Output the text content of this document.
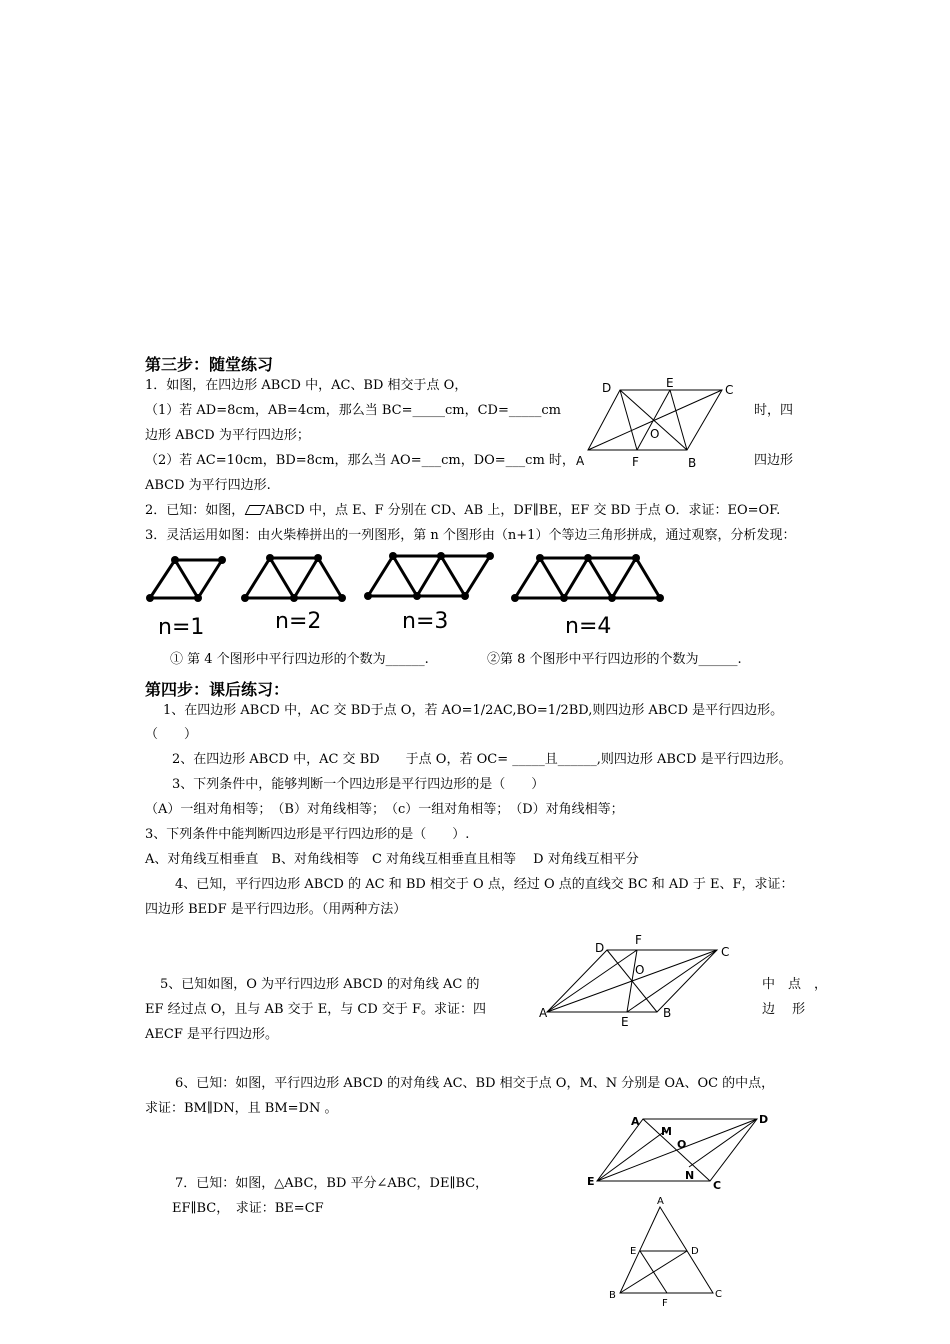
第三步：随堂练习
1．如图，在四边形 ABCD 中，AC、BD 相交于点 O，
（1）若 AD=8cm，AB=4cm，那么当 BC=_____cm，CD=_____cm	时，四
边形 ABCD 为平行四边形；
（2）若 AC=10cm，BD=8cm，那么当 AO=___cm，DO=___cm 时，	四边形
ABCD 为平行四边形.
D	E	C
O
A	F	B
2．已知：如图， ABCD 中，点 E、F 分别在 CD、AB 上，DF∥BE，EF 交 BD 于点 O．求证：EO=OF.
3．灵活运用如图：由火柴棒拼出的一列图形，第 n 个图形由（n+1）个等边三角形拼成，通过观察，分析发现：
n=1	n=2	n=3	n=4
① 第 4 个图形中平行四边形的个数为______.	②第 8 个图形中平行四边形的个数为______.
第四步：课后练习：
1、在四边形 ABCD 中，AC 交 BD于点 O，若 AO=1/2AC,BO=1/2BD,则四边形 ABCD 是平行四边形。
（　　）
2、在四边形 ABCD 中，AC 交 BD　　于点 O，若 OC= _____且______,则四边形 ABCD 是平行四边形。
3、下列条件中，能够判断一个四边形是平行四边形的是（　　）
（A）一组对角相等；　（B）对角线相等；　（c）一组对角相等；　（D）对角线相等；
3、下列条件中能判断四边形是平行四边形的是（　　）.
A、对角线互相垂直　B、对角线相等　C 对角线互相垂直且相等　 D 对角线互相平分
4、已知，平行四边形 ABCD 的 AC 和 BD 相交于 O 点，经过 O 点的直线交 BC 和 AD 于 E、F，求证：
四边形 BEDF 是平行四边形。（用两种方法）
D
F
C
O
A
E
B
5、已知如图，O 为平行四边形 ABCD 的对角线 AC 的	中　点　，
EF 经过点 O，且与 AB 交于 E，与 CD 交于 F。求证：四	边　 形
AECF 是平行四边形。
6、已知：如图，平行四边形 ABCD 的对角线 AC、BD 相交于点 O，M、N 分别是 OA、OC 的中点，
求证：BM∥DN，且 BM=DN 。
A
M
O
D
E	N
C
7．已知：如图，△ABC，BD 平分∠ABC，DE∥BC，
EF∥BC，　求证：BE=CF	A
E	D
B
F
C
